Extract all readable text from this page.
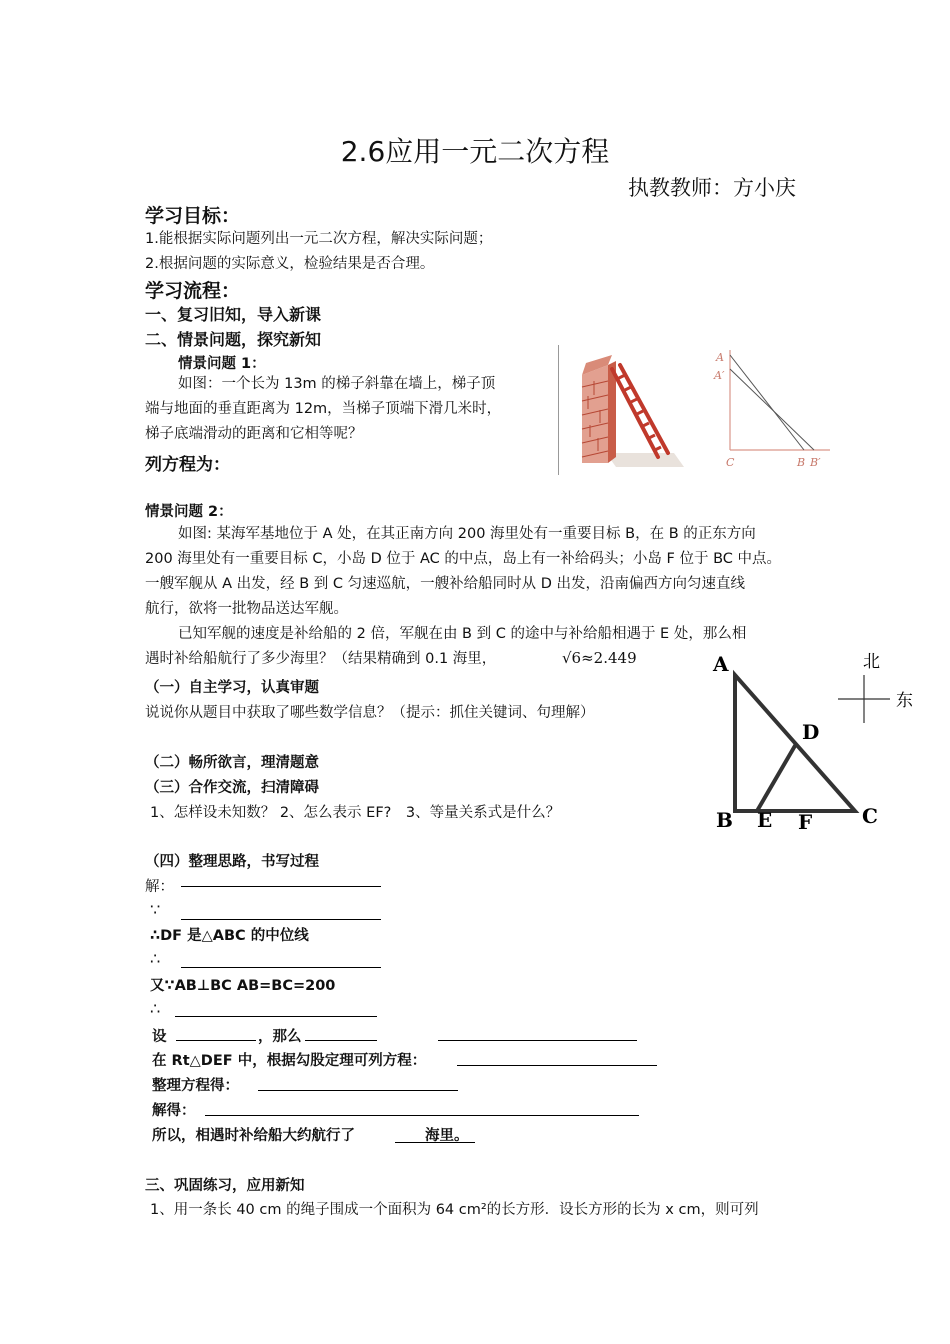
2.6应用一元二次方程
执教教师：方小庆
学习目标：
1.能根据实际问题列出一元二次方程，解决实际问题；
2.根据问题的实际意义，检验结果是否合理。
学习流程：
一、复习旧知，导入新课
二、情景问题，探究新知
情景问题 1：
如图：一个长为 13m 的梯子斜靠在墙上，梯子顶
端与地面的垂直距离为 12m，当梯子顶端下滑几米时，
梯子底端滑动的距离和它相等呢？
列方程为：
A
A′
C	B B′
情景问题 2：
如图: 某海军基地位于 A 处，在其正南方向 200 海里处有一重要目标 B，在 B 的正东方向
200 海里处有一重要目标 C，小岛 D 位于 AC 的中点，岛上有一补给码头；小岛 F 位于 BC 中点。
一艘军舰从 A 出发，经 B 到 C 匀速巡航，一艘补给船同时从 D 出发，沿南偏西方向匀速直线
航行，欲将一批物品送达军舰。
已知军舰的速度是补给船的 2 倍，军舰在由 B 到 C 的途中与补给船相遇于 E 处，那么相
遇时补给船航行了多少海里？（结果精确到 0.1 海里，	√6≈2.449
（一）自主学习，认真审题
说说你从题目中获取了哪些数学信息？（提示：抓住关键词、句理解）
（二）畅所欲言，理清题意
（三）合作交流，扫清障碍
1、怎样设未知数？ 2、怎么表示 EF?　3、等量关系式是什么？
A
D
B E F C
北
东
（四）整理思路，书写过程
解：
∵
∴DF 是△ABC 的中位线
∴
又∵AB⊥BC AB=BC=200
∴
设	，那么
在 Rt△DEF 中，根据勾股定理可列方程：
整理方程得：
解得：
所以，相遇时补给船大约航行了	海里。
三、巩固练习，应用新知
1、用一条长 40 cm 的绳子围成一个面积为 64 cm²的长方形．设长方形的长为 x cm，则可列
